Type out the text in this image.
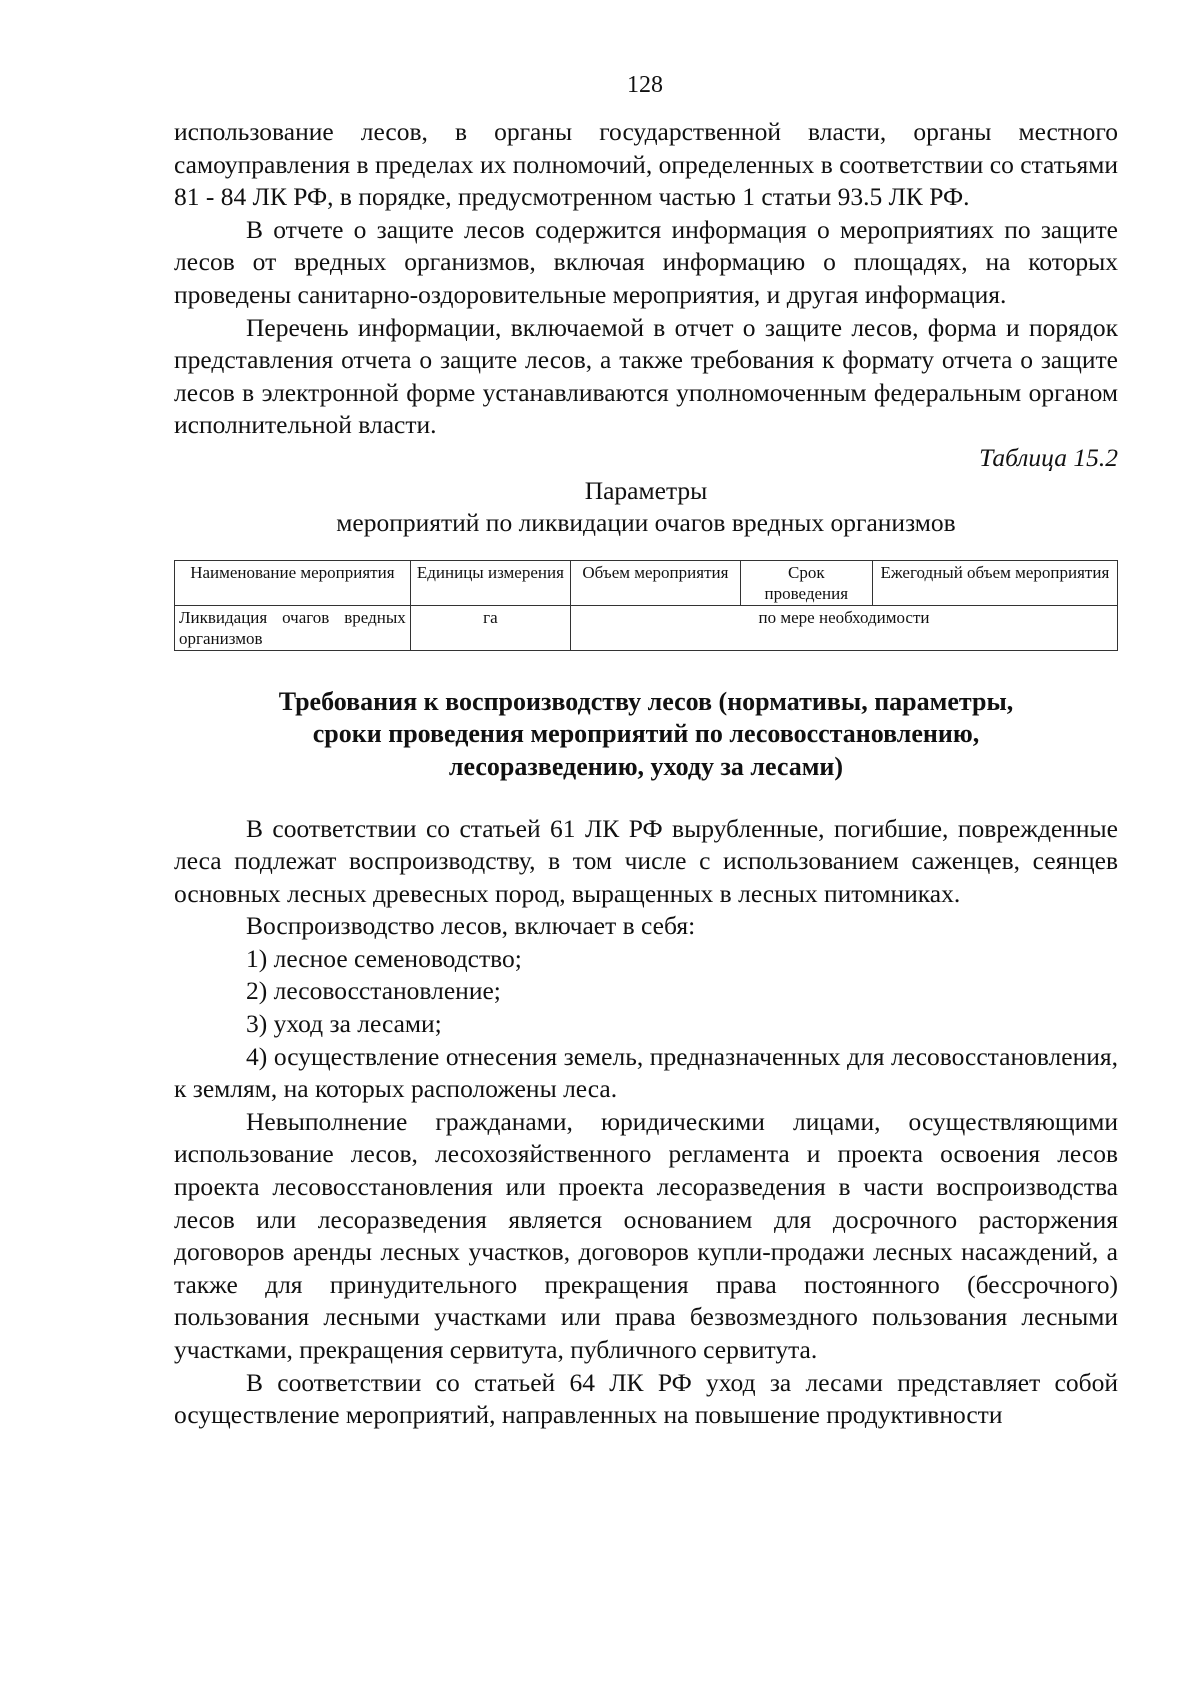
128

использование лесов, в органы государственной власти, органы местного самоуправления в пределах их полномочий, определенных в соответствии со статьями 81 - 84 ЛК РФ, в порядке, предусмотренном частью 1 статьи 93.5 ЛК РФ.

В отчете о защите лесов содержится информация о мероприятиях по защите лесов от вредных организмов, включая информацию о площадях, на которых проведены санитарно-оздоровительные мероприятия, и другая информация.

Перечень информации, включаемой в отчет о защите лесов, форма и порядок представления отчета о защите лесов, а также требования к формату отчета о защите лесов в электронной форме устанавливаются уполномоченным федеральным органом исполнительной власти.

Таблица 15.2

Параметры

мероприятий по ликвидации очагов вредных организмов

Наименование мероприятия	Единицы измерения	Объем мероприятия	Срок проведения	Ежегодный объем мероприятия
Ликвидация очагов вредных организмов	га	по мере необходимости		
Требования к воспроизводству лесов (нормативы, параметры,
сроки проведения мероприятий по лесовосстановлению,
лесоразведению, уходу за лесами)

В соответствии со статьей 61 ЛК РФ вырубленные, погибшие, поврежденные леса подлежат воспроизводству, в том числе с использованием саженцев, сеянцев основных лесных древесных пород, выращенных в лесных питомниках.

Воспроизводство лесов, включает в себя:

1) лесное семеноводство;

2) лесовосстановление;

3) уход за лесами;

4) осуществление отнесения земель, предназначенных для лесовосстановления, к землям, на которых расположены леса.

Невыполнение гражданами, юридическими лицами, осуществляющими использование лесов, лесохозяйственного регламента и проекта освоения лесов проекта лесовосстановления или проекта лесоразведения в части воспроизводства лесов или лесоразведения является основанием для досрочного расторжения договоров аренды лесных участков, договоров купли-продажи лесных насаждений, а также для принудительного прекращения права постоянного (бессрочного) пользования лесными участками или права безвозмездного пользования лесными участками, прекращения сервитута, публичного сервитута.

В соответствии со статьей 64 ЛК РФ уход за лесами представляет собой осуществление мероприятий, направленных на повышение продуктивности
